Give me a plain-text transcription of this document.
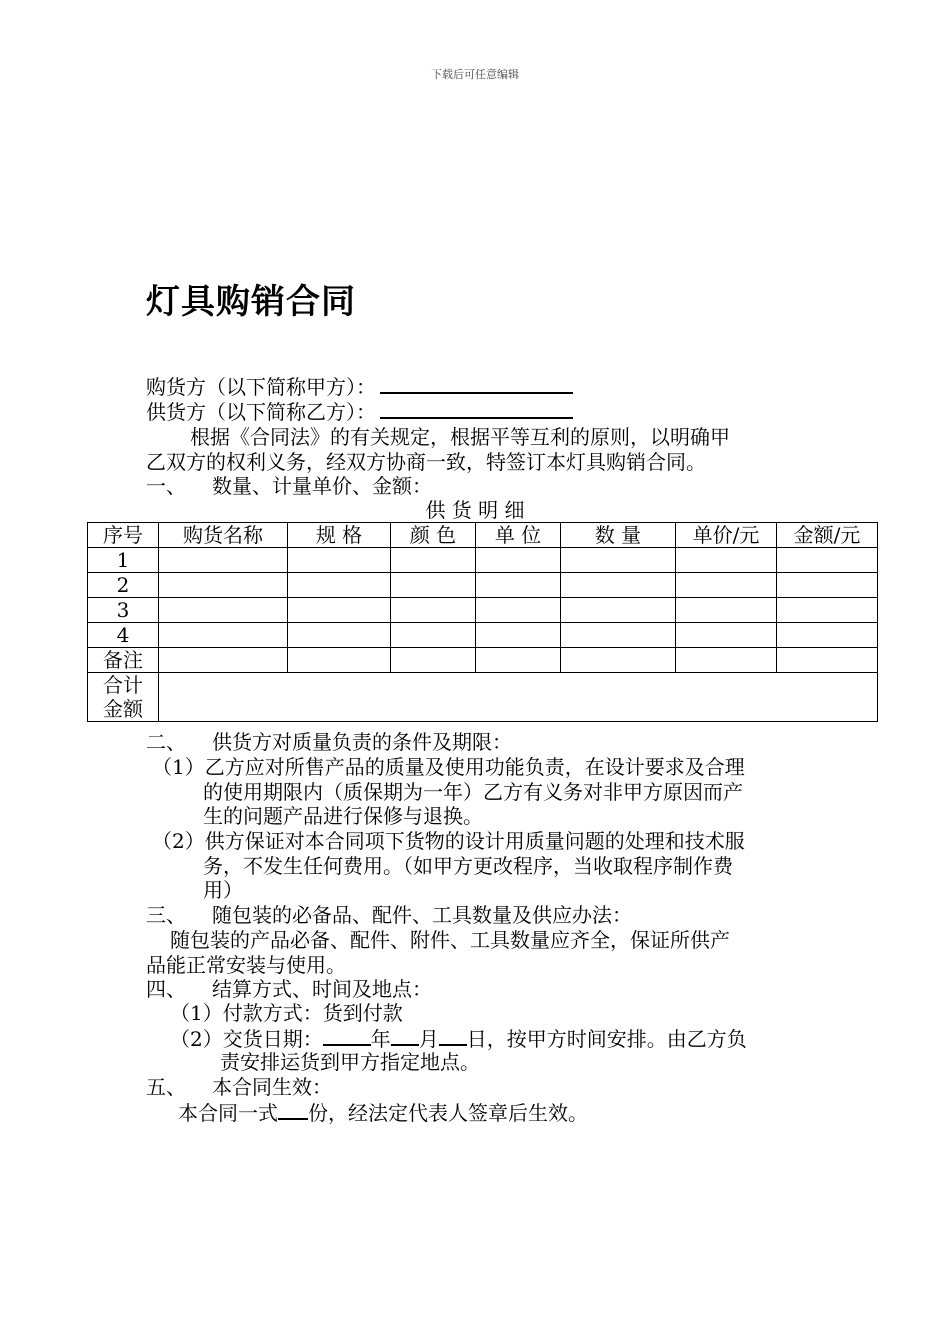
下载后可任意编辑
灯具购销合同

购货方（以下简称甲方）：

供货方（以下简称乙方）：

根据《合同法》的有关规定，根据平等互利的原则，以明确甲

乙双方的权利义务，经双方协商一致，特签订本灯具购销合同。

一、 数量、计量单价、金额：

供 货 明 细

序号	购货名称	规 格	颜 色	单 位	数 量	单价/元	金额/元
1							
2							
3							
4							
备注							
合计
金额							

二、 供货方对质量负责的条件及期限：

（1）乙方应对所售产品的质量及使用功能负责，在设计要求及合理

的使用期限内（质保期为一年）乙方有义务对非甲方原因而产

生的问题产品进行保修与退换。

（2）供方保证对本合同项下货物的设计用质量问题的处理和技术服

务，不发生任何费用。（如甲方更改程序，当收取程序制作费

用）

三、 随包装的必备品、配件、工具数量及供应办法：

随包装的产品必备、配件、附件、工具数量应齐全，保证所供产

品能正常安装与使用。

四、 结算方式、时间及地点：

（1）付款方式：货到付款

（2）交货日期： 年 月 日，按甲方时间安排。由乙方负

责安排运货到甲方指定地点。

五、 本合同生效：

本合同一式 份，经法定代表人签章后生效。
